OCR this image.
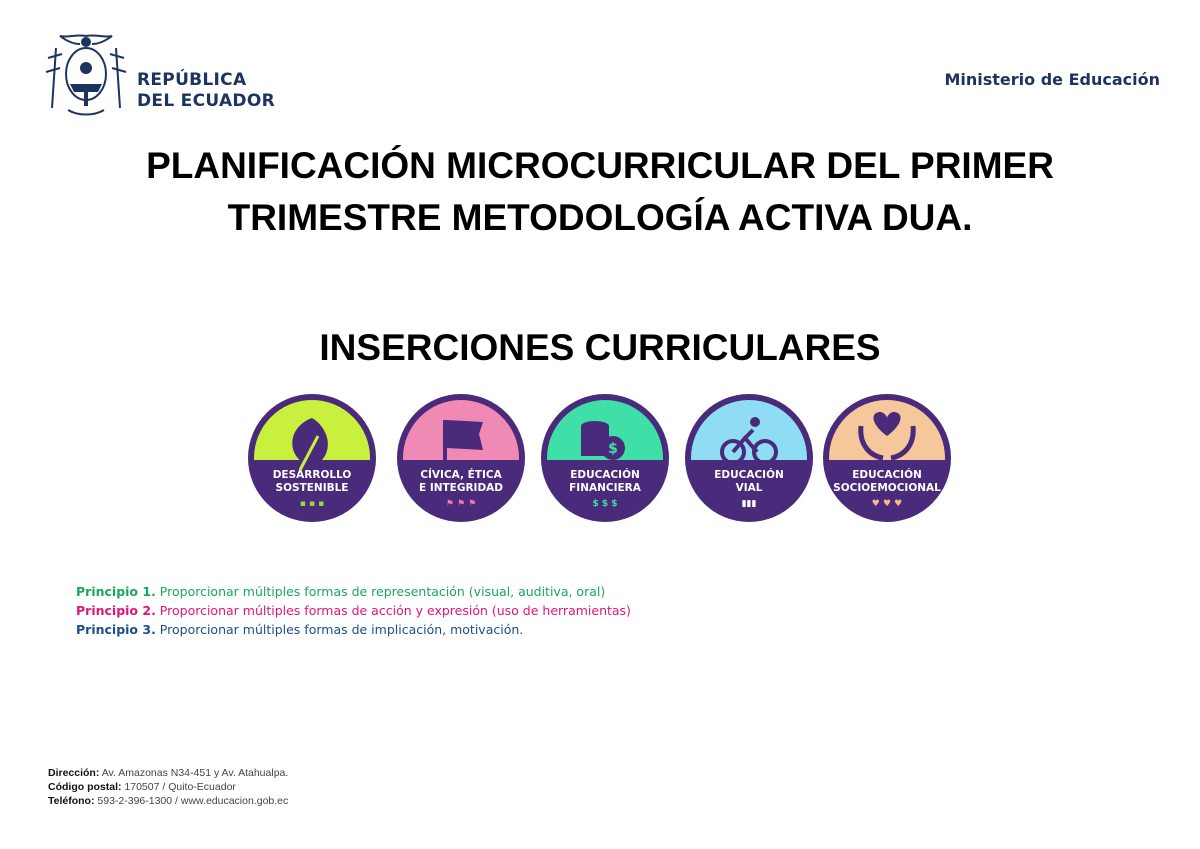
REPÚBLICA
DEL ECUADOR
Ministerio de Educación
PLANIFICACIÓN MICROCURRICULAR DEL PRIMER
TRIMESTRE METODOLOGÍA ACTIVA DUA.
INSERCIONES CURRICULARES
DESARROLLO
SOSTENIBLE
▪ ▪ ▪
CÍVICA, ÉTICA
E INTEGRIDAD
⚑ ⚑ ⚑
$
EDUCACIÓN
FINANCIERA
$ $ $
EDUCACIÓN
VIAL
▮▮▮
EDUCACIÓN
SOCIOEMOCIONAL
♥ ♥ ♥
Principio 1. Proporcionar múltiples formas de representación (visual, auditiva, oral)
Principio 2. Proporcionar múltiples formas de acción y expresión (uso de herramientas)
Principio 3. Proporcionar múltiples formas de implicación, motivación.
Dirección: Av. Amazonas N34-451 y Av. Atahualpa.
Código postal: 170507 / Quito-Ecuador
Teléfono: 593-2-396-1300 / www.educacion.gob.ec
